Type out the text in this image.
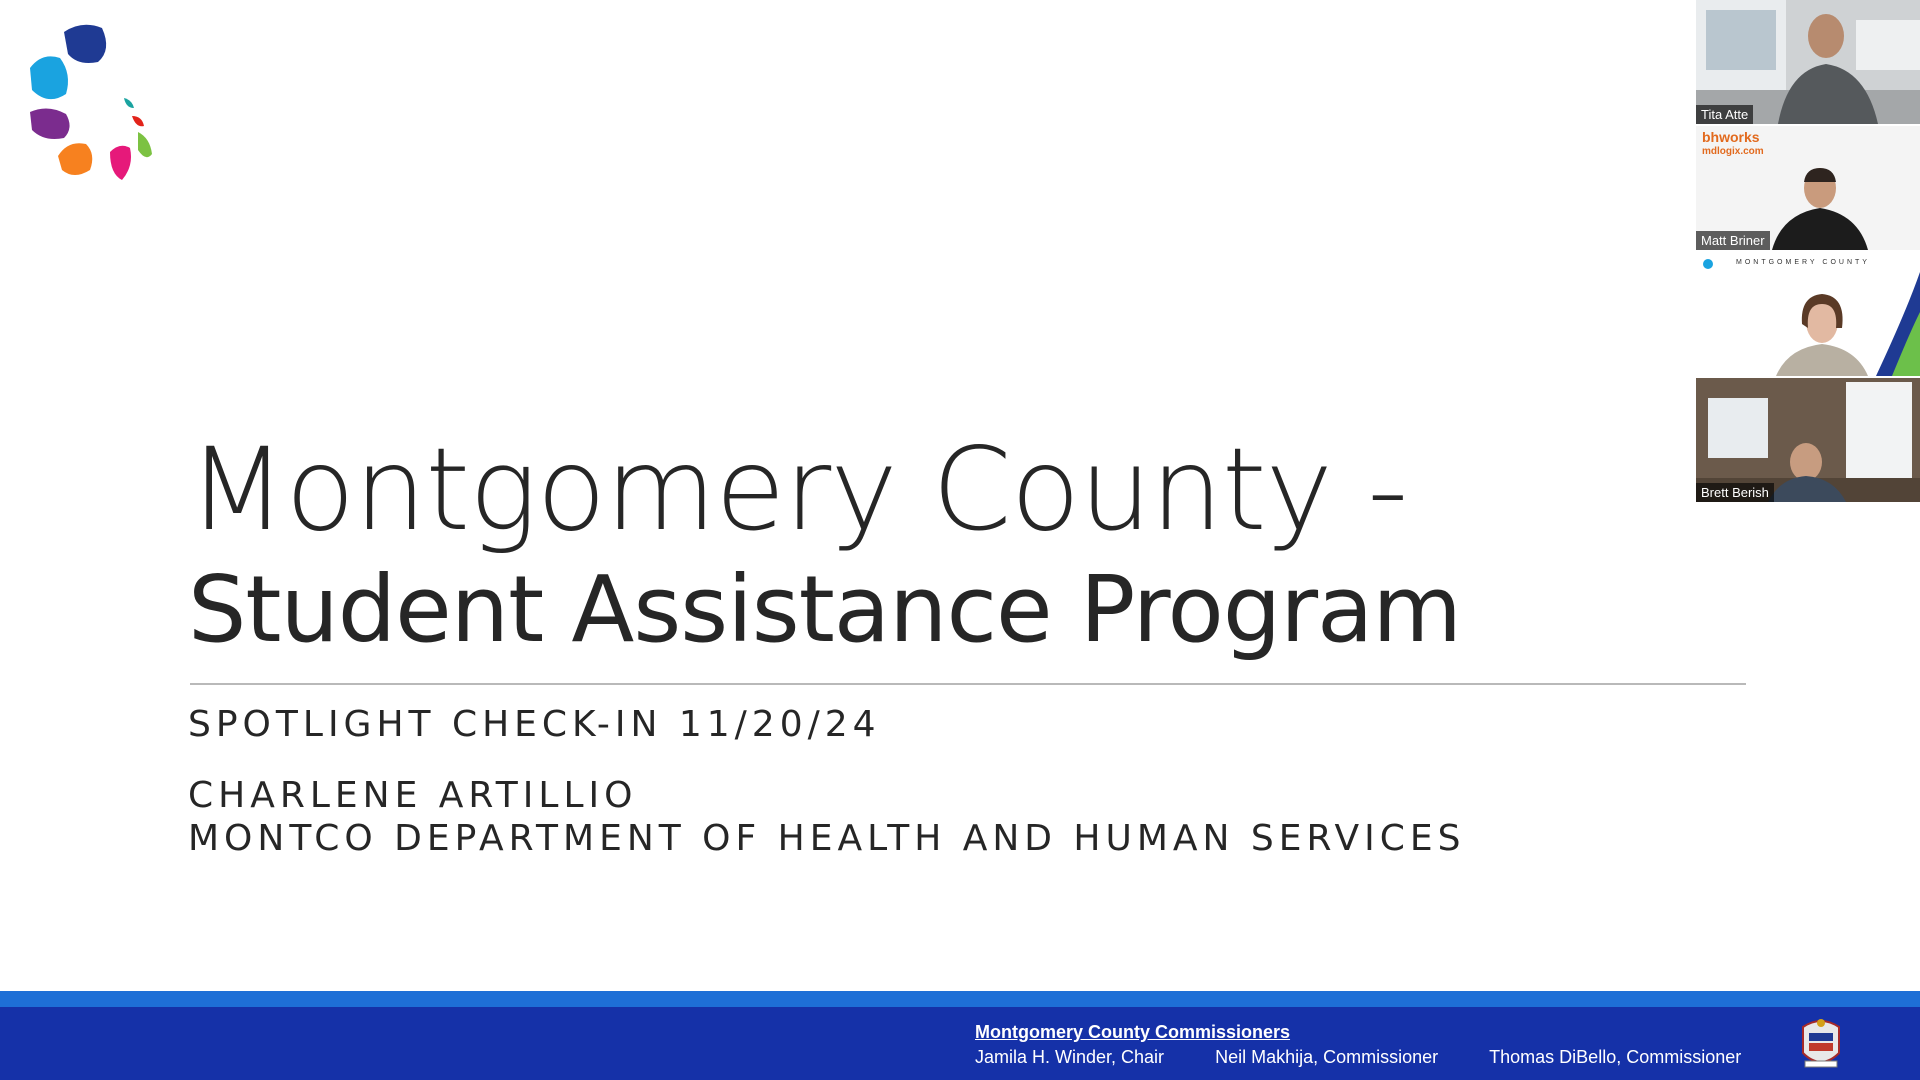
Montgomery County -
Student Assistance Program
SPOTLIGHT CHECK-IN 11/20/24
CHARLENE ARTILLIO
MONTCO DEPARTMENT OF HEALTH AND HUMAN SERVICES
Montgomery County Commissioners
Jamila H. Winder, Chair	Neil Makhija, Commissioner	Thomas DiBello, Commissioner
Tita Atte
bhworks
mdlogix.com
Matt Briner
MONTGOMERY COUNTY
Brett Berish
